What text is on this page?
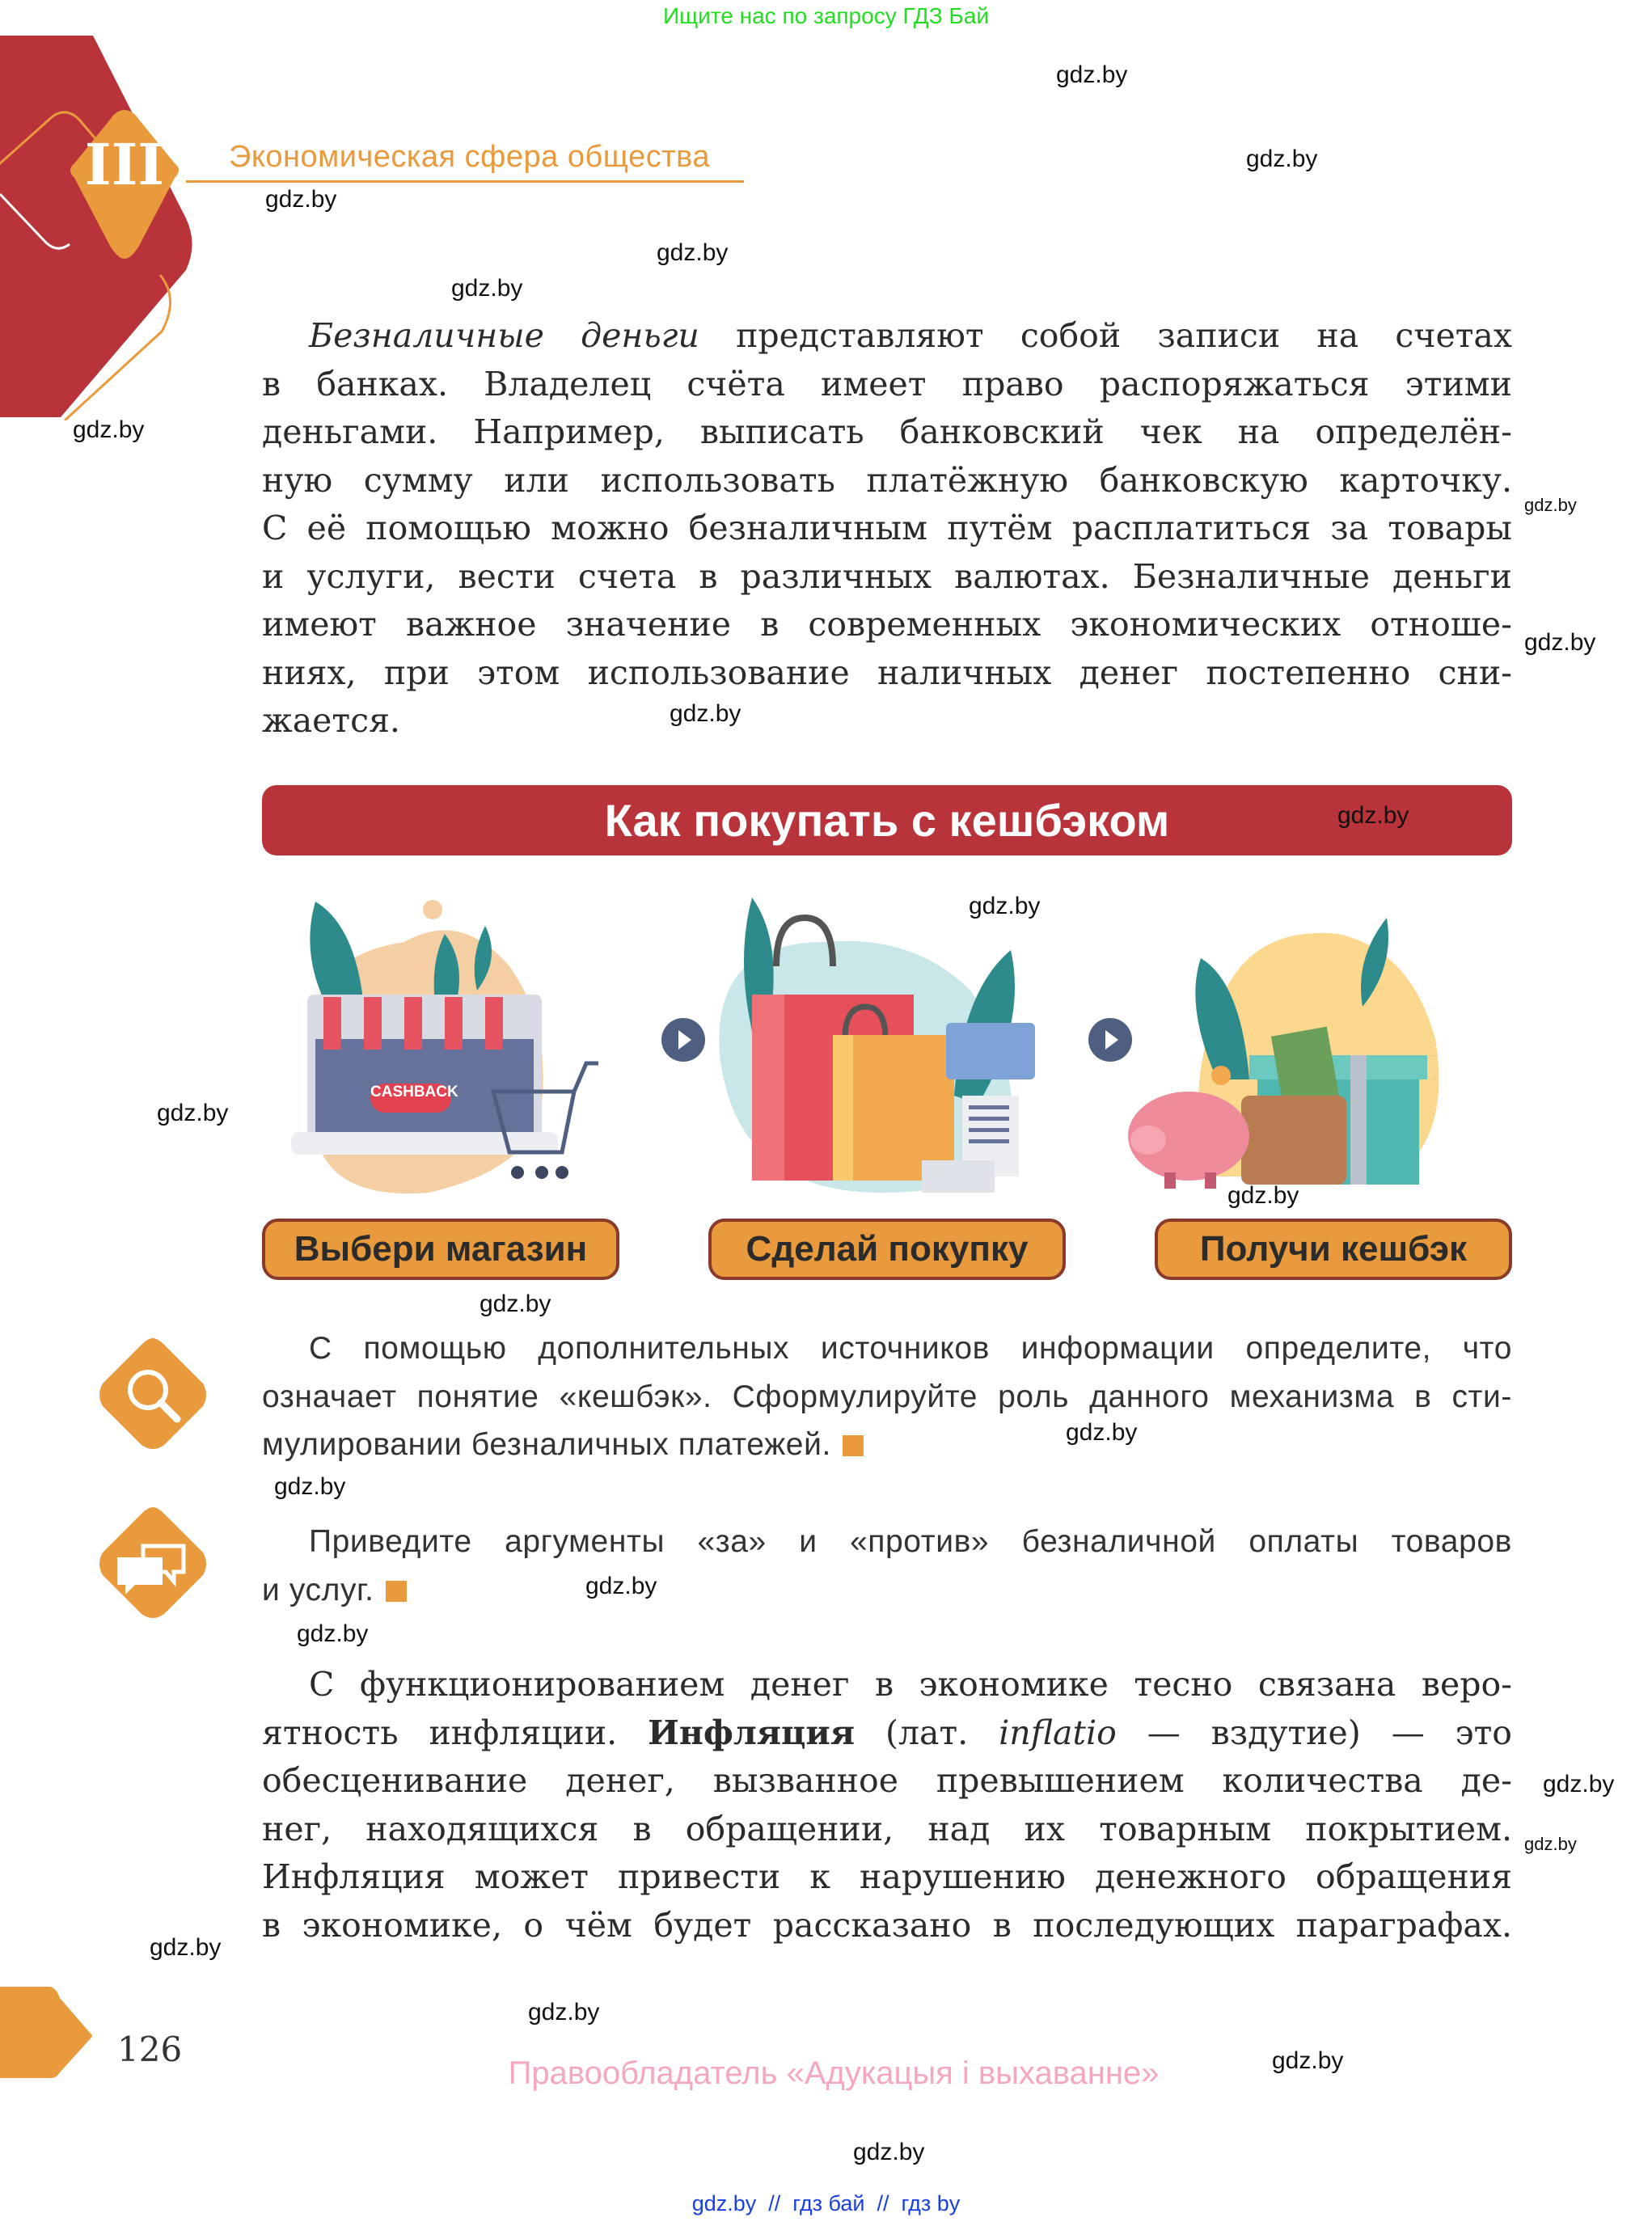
Ищите нас по запросу ГДЗ Бай
III Экономическая сфера общества
Безналичные деньги представляют собой записи на счетах
в банках. Владелец счёта имеет право распоряжаться этими
деньгами. Например, выписать банковский чек на определён-
ную сумму или использовать платёжную банковскую карточку.
С её помощью можно безналичным путём расплатиться за товары
и услуги, вести счета в различных валютах. Безналичные деньги
имеют важное значение в современных экономических отноше-
ниях, при этом использование наличных денег постепенно сни-
жается.
Как покупать с кешбэком
CASHBACK
Выбери магазин	Сделай покупку	Получи кешбэк
С помощью дополнительных источников информации определите, что
означает понятие «кешбэк». Сформулируйте роль данного механизма в сти-
мулировании безналичных платежей.
Приведите аргументы «за» и «против» безналичной оплаты товаров
и услуг.
С функционированием денег в экономике тесно связана веро-
ятность инфляции. Инфляция (лат. inflatio — вздутие) — это
обесценивание денег, вызванное превышением количества де-
нег, находящихся в обращении, над их товарным покрытием.
Инфляция может привести к нарушению денежного обращения
в экономике, о чём будет рассказано в последующих параграфах.
126
Правообладатель «Адукацыя і выхаванне»
gdz.by  //  гдз бай  //  гдз by
gdz.by
gdz.by
gdz.by
gdz.by
gdz.by
gdz.by
gdz.by
gdz.by
gdz.by
gdz.by
gdz.by
gdz.by
gdz.by
gdz.by
gdz.by
gdz.by
gdz.by
gdz.by
gdz.by
gdz.by
gdz.by
gdz.by
gdz.by
gdz.by
